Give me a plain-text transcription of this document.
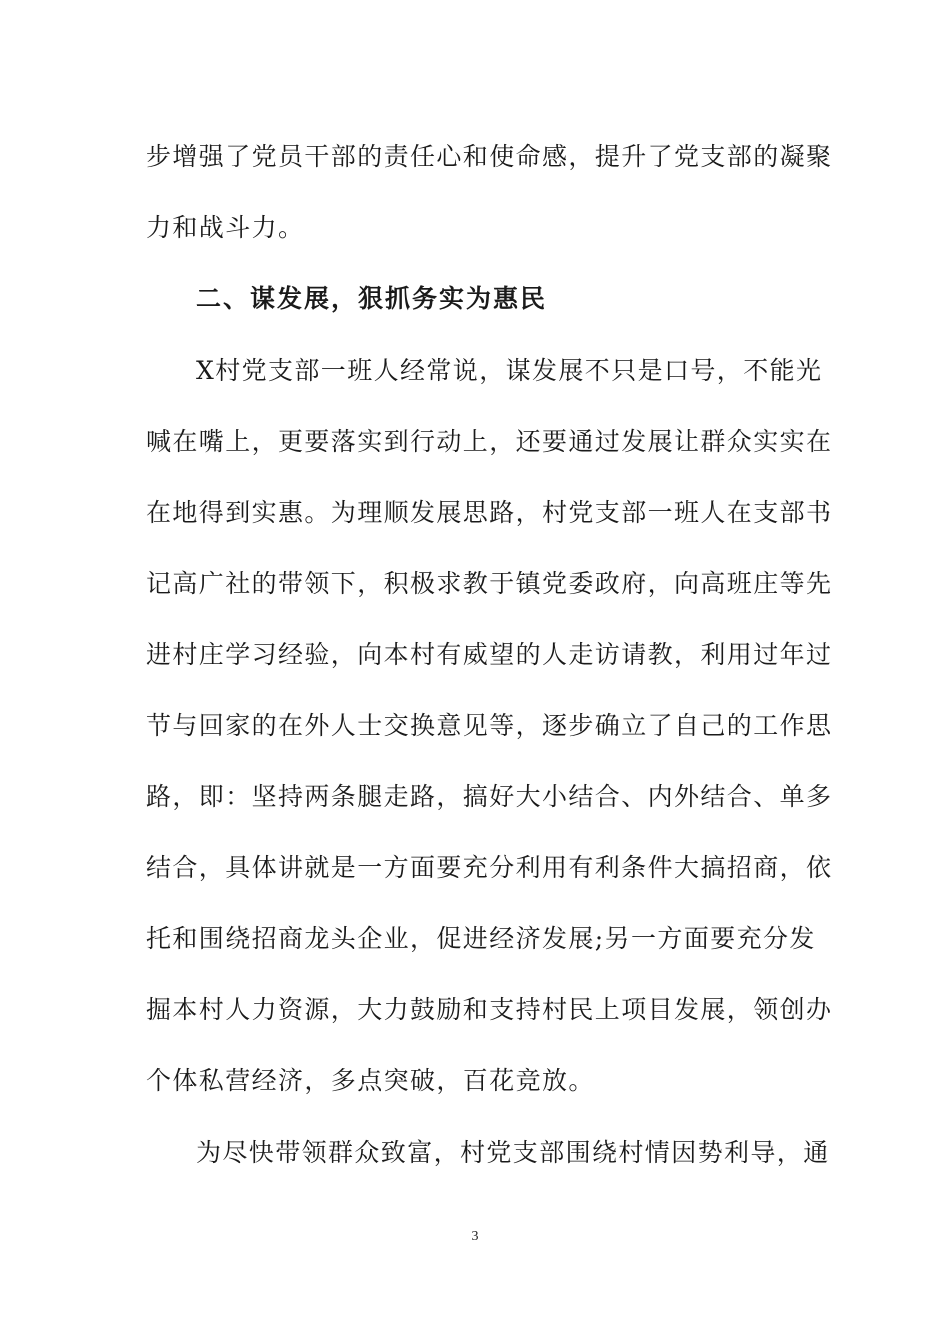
步增强了党员干部的责任心和使命感，提升了党支部的凝聚
力和战斗力。
二、谋发展，狠抓务实为惠民
X村党支部一班人经常说，谋发展不只是口号，不能光
喊在嘴上，更要落实到行动上，还要通过发展让群众实实在
在地得到实惠。为理顺发展思路，村党支部一班人在支部书
记高广社的带领下，积极求教于镇党委政府，向高班庄等先
进村庄学习经验，向本村有威望的人走访请教，利用过年过
节与回家的在外人士交换意见等，逐步确立了自己的工作思
路，即：坚持两条腿走路，搞好大小结合、内外结合、单多
结合，具体讲就是一方面要充分利用有利条件大搞招商，依
托和围绕招商龙头企业，促进经济发展;另一方面要充分发
掘本村人力资源，大力鼓励和支持村民上项目发展，领创办
个体私营经济，多点突破，百花竞放。
为尽快带领群众致富，村党支部围绕村情因势利导，通
3
